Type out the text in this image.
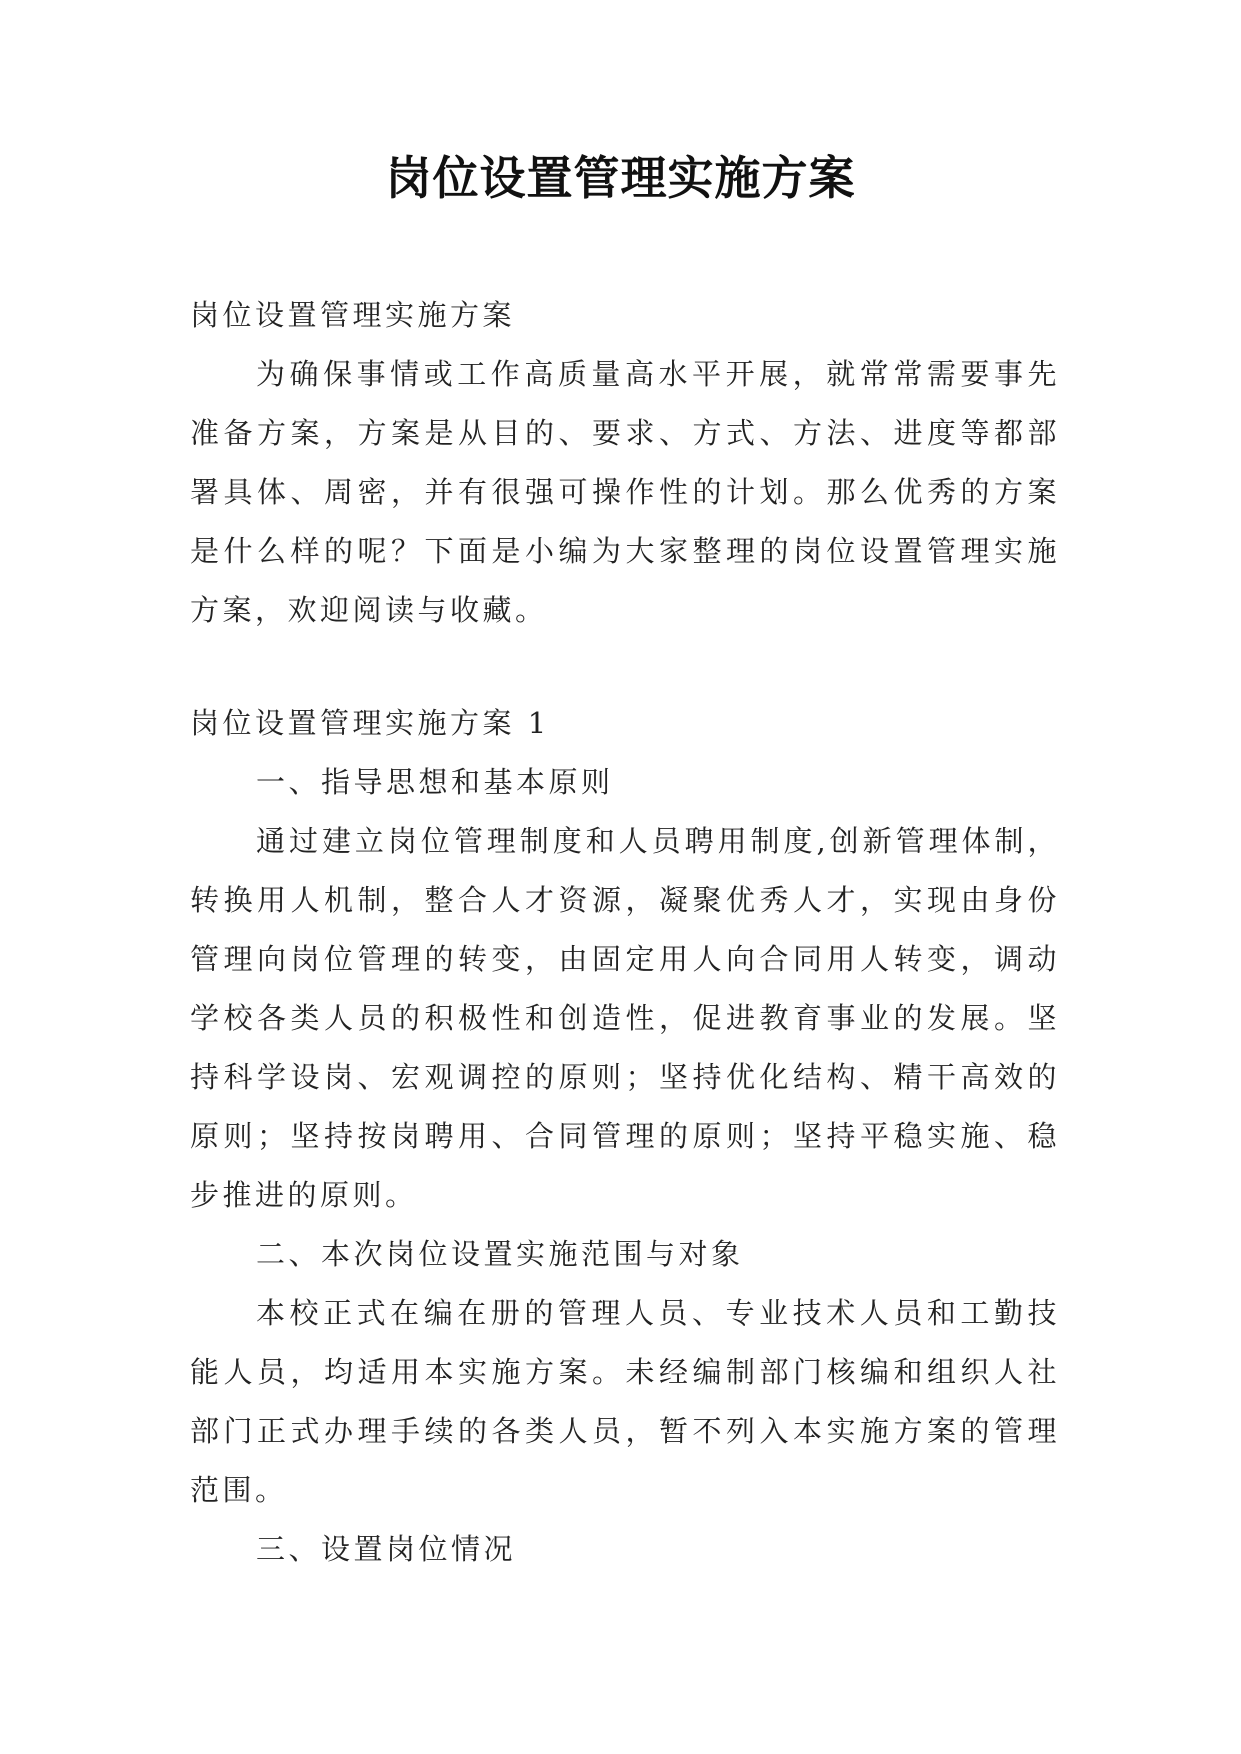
岗位设置管理实施方案

岗位设置管理实施方案

为确保事情或工作高质量高水平开展，就常常需要事先准备方案，方案是从目的、要求、方式、方法、进度等都部署具体、周密，并有很强可操作性的计划。那么优秀的方案是什么样的呢？下面是小编为大家整理的岗位设置管理实施方案，欢迎阅读与收藏。

岗位设置管理实施方案 1

一、指导思想和基本原则

通过建立岗位管理制度和人员聘用制度,创新管理体制，转换用人机制，整合人才资源，凝聚优秀人才，实现由身份管理向岗位管理的转变，由固定用人向合同用人转变，调动学校各类人员的积极性和创造性，促进教育事业的发展。坚持科学设岗、宏观调控的原则；坚持优化结构、精干高效的原则；坚持按岗聘用、合同管理的原则；坚持平稳实施、稳步推进的原则。

二、本次岗位设置实施范围与对象

本校正式在编在册的管理人员、专业技术人员和工勤技能人员，均适用本实施方案。未经编制部门核编和组织人社部门正式办理手续的各类人员，暂不列入本实施方案的管理范围。

三、设置岗位情况
